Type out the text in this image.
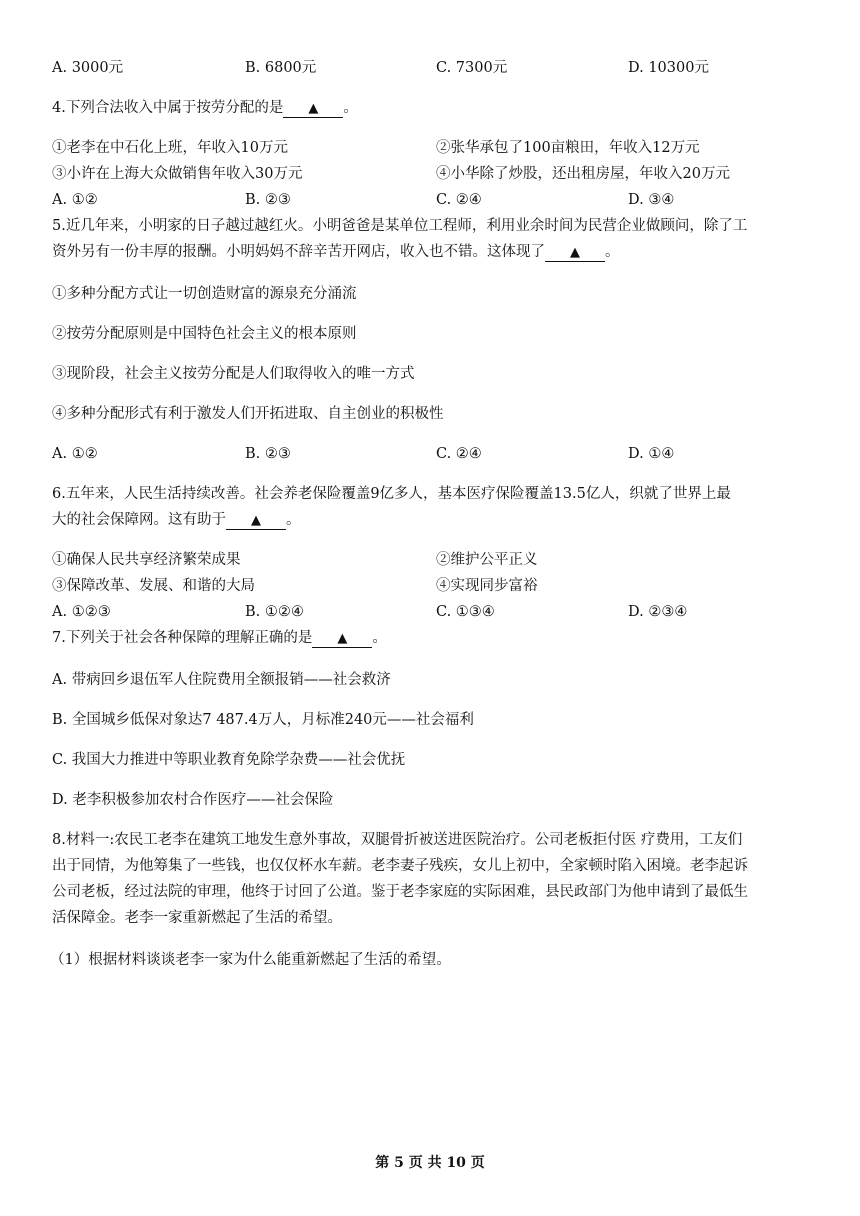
A. 3000元	B. 6800元	C. 7300元	D. 10300元
4.下列合法收入中属于按劳分配的是 ▲ 。
①老李在中石化上班，年收入10万元	②张华承包了100亩粮田，年收入12万元
③小许在上海大众做销售年收入30万元	④小华除了炒股，还出租房屋，年收入20万元
A. ①②	B. ②③	C. ②④	D. ③④
5.近几年来，小明家的日子越过越红火。小明爸爸是某单位工程师，利用业余时间为民营企业做顾问，除了工
资外另有一份丰厚的报酬。小明妈妈不辞辛苦开网店，收入也不错。这体现了 ▲ 。
①多种分配方式让一切创造财富的源泉充分涌流
②按劳分配原则是中国特色社会主义的根本原则
③现阶段，社会主义按劳分配是人们取得收入的唯一方式
④多种分配形式有利于激发人们开拓进取、自主创业的积极性
A. ①②	B. ②③	C. ②④	D. ①④
6.五年来，人民生活持续改善。社会养老保险覆盖9亿多人，基本医疗保险覆盖13.5亿人，织就了世界上最
大的社会保障网。这有助于 ▲ 。
①确保人民共享经济繁荣成果	②维护公平正义
③保障改革、发展、和谐的大局	④实现同步富裕
A. ①②③	B. ①②④	C. ①③④	D. ②③④
7.下列关于社会各种保障的理解正确的是 ▲ 。
A. 带病回乡退伍军人住院费用全额报销——社会救济
B. 全国城乡低保对象达7 487.4万人，月标准240元——社会福利
C. 我国大力推进中等职业教育免除学杂费——社会优抚
D. 老李积极参加农村合作医疗——社会保险
8.材料一:农民工老李在建筑工地发生意外事故，双腿骨折被送进医院治疗。公司老板拒付医 疗费用，工友们
出于同情，为他筹集了一些钱，也仅仅杯水车薪。老李妻子残疾，女儿上初中，全家顿时陷入困境。老李起诉
公司老板，经过法院的审理，他终于讨回了公道。鉴于老李家庭的实际困难，县民政部门为他申请到了最低生
活保障金。老李一家重新燃起了生活的希望。
（1）根据材料谈谈老李一家为什么能重新燃起了生活的希望。
第 5 页 共 10 页
